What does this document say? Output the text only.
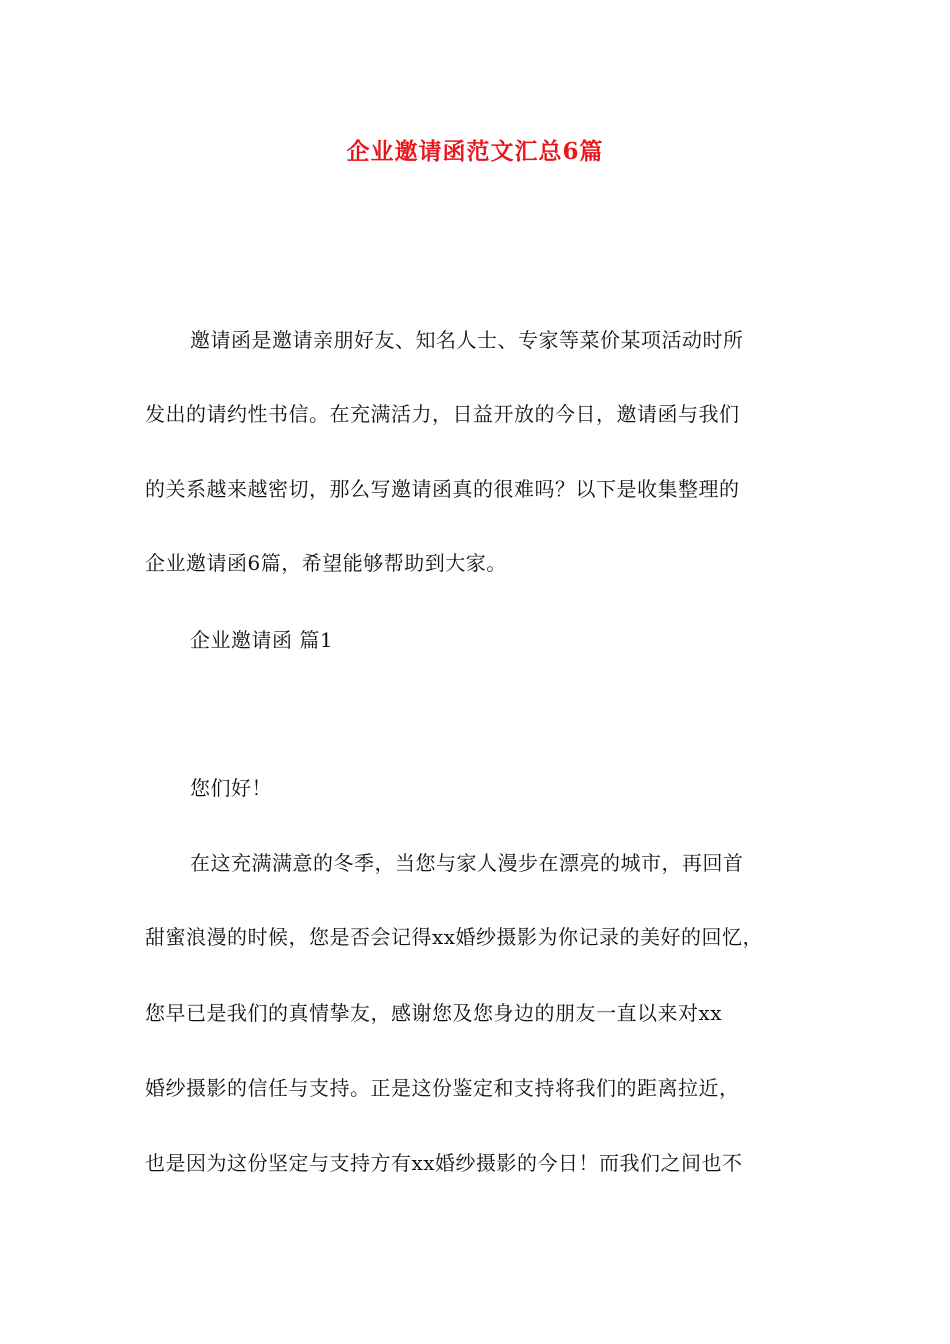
企业邀请函范文汇总6篇
邀请函是邀请亲朋好友、知名人士、专家等菜价某项活动时所
发出的请约性书信。在充满活力，日益开放的今日，邀请函与我们
的关系越来越密切，那么写邀请函真的很难吗？以下是收集整理的
企业邀请函6篇，希望能够帮助到大家。
企业邀请函 篇1
您们好！
在这充满满意的冬季，当您与家人漫步在漂亮的城市，再回首
甜蜜浪漫的时候，您是否会记得xx婚纱摄影为你记录的美好的回忆，
您早已是我们的真情挚友，感谢您及您身边的朋友一直以来对xx
婚纱摄影的信任与支持。正是这份鉴定和支持将我们的距离拉近，
也是因为这份坚定与支持方有xx婚纱摄影的今日！而我们之间也不
